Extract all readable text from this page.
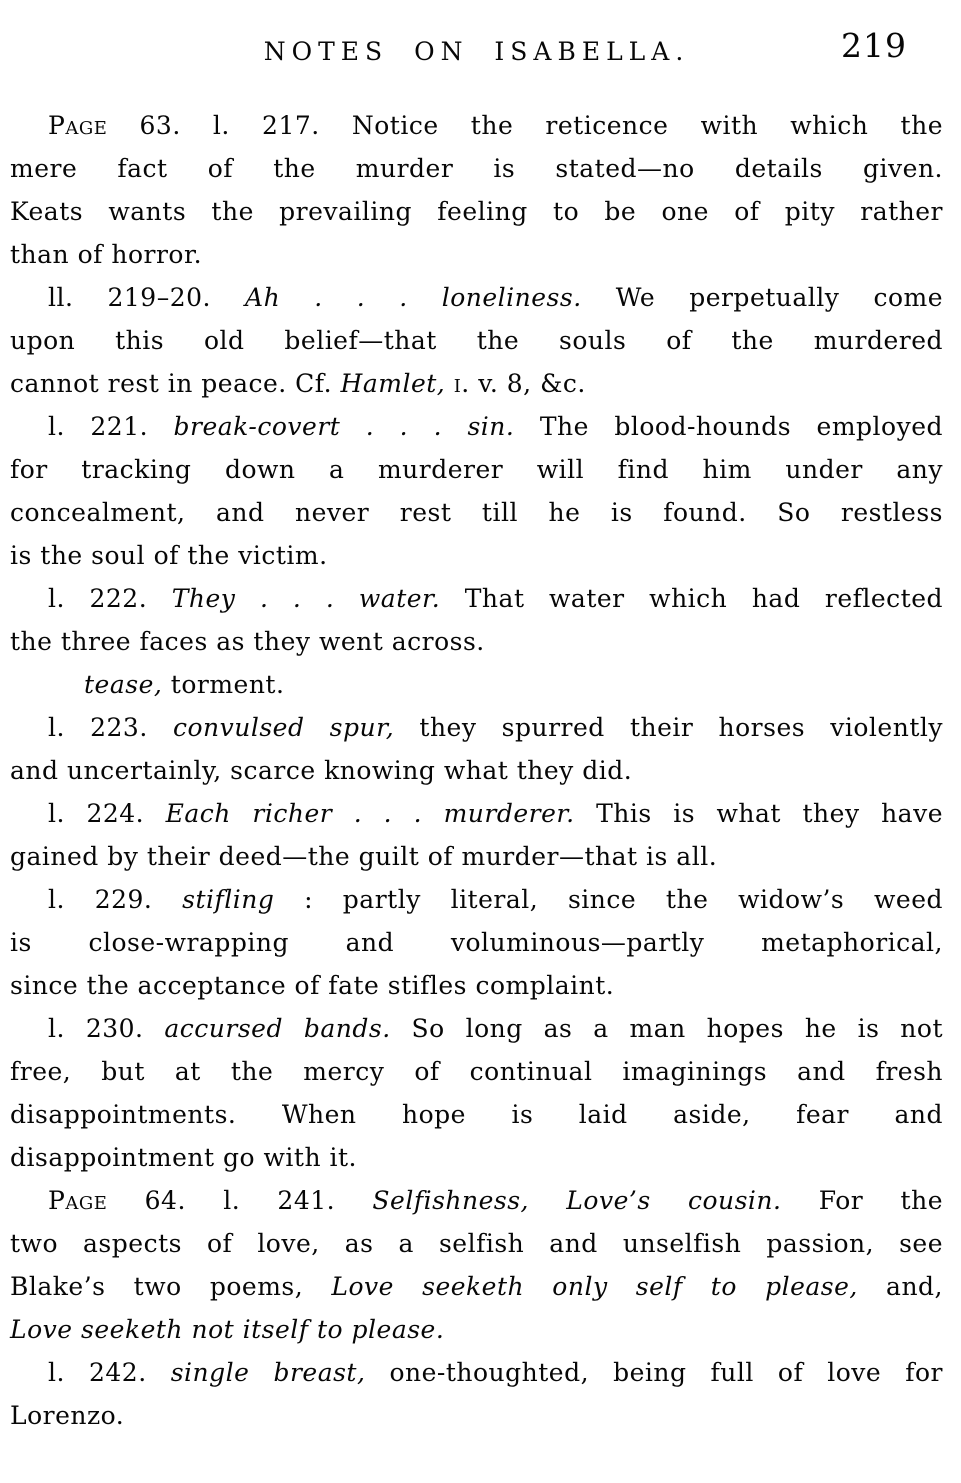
NOTES ON ISABELLA.	219
Page 63. l. 217. Notice the reticence with which the
mere fact of the murder is stated—no details given.
Keats wants the prevailing feeling to be one of pity rather
than of horror.
ll. 219–20. Ah . . . loneliness. We perpetually come
upon this old belief—that the souls of the murdered
cannot rest in peace. Cf. Hamlet, i. v. 8, &c.
l. 221. break-covert . . . sin. The blood-hounds employed
for tracking down a murderer will find him under any
concealment, and never rest till he is found. So restless
is the soul of the victim.
l. 222. They . . . water. That water which had reflected
the three faces as they went across.
tease, torment.
l. 223. convulsed spur, they spurred their horses violently
and uncertainly, scarce knowing what they did.
l. 224. Each richer . . . murderer. This is what they have
gained by their deed—the guilt of murder—that is all.
l. 229. stifling : partly literal, since the widow’s weed
is close-wrapping and voluminous—partly metaphorical,
since the acceptance of fate stifles complaint.
l. 230. accursed bands. So long as a man hopes he is not
free, but at the mercy of continual imaginings and fresh
disappointments. When hope is laid aside, fear and
disappointment go with it.
Page 64. l. 241. Selfishness, Love’s cousin. For the
two aspects of love, as a selfish and unselfish passion, see
Blake’s two poems, Love seeketh only self to please, and,
Love seeketh not itself to please.
l. 242. single breast, one-thoughted, being full of love for
Lorenzo.
